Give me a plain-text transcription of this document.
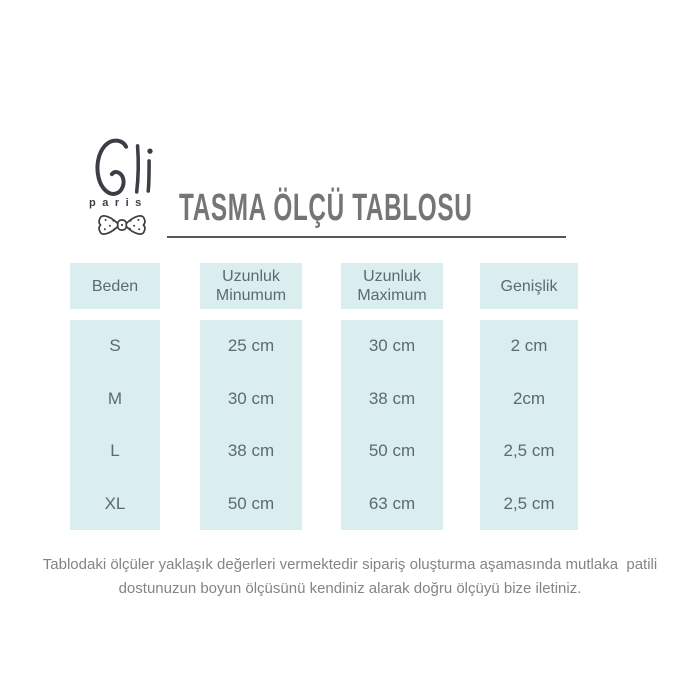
paris TASMA ÖLÇÜ TABLOSU
Beden
S
M
L
XL
Uzunluk
Minumum
25 cm
30 cm
38 cm
50 cm
Uzunluk
Maximum
30 cm
38 cm
50 cm
63 cm
Genişlik
2 cm
2cm
2,5 cm
2,5 cm
Tablodaki ölçüler yaklaşık değerleri vermektedir sipariş oluşturma aşamasında mutlaka  patili
dostunuzun boyun ölçüsünü kendiniz alarak doğru ölçüyü bize iletiniz.
